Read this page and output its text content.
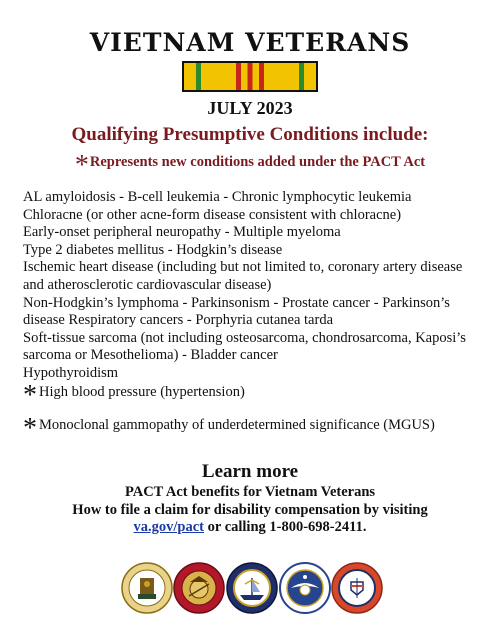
VIETNAM VETERANS
JULY 2023
Qualifying Presumptive Conditions include:
*Represents new conditions added under the PACT Act
AL amyloidosis - B-cell leukemia - Chronic lymphocytic leukemia
Chloracne (or other acne-form disease consistent with chloracne)
Early-onset peripheral neuropathy - Multiple myeloma
Type 2 diabetes mellitus - Hodgkin’s disease
Ischemic heart disease (including but not limited to, coronary artery disease
and atherosclerotic cardiovascular disease)
Non-Hodgkin’s lymphoma - Parkinsonism - Prostate cancer - Parkinson’s
disease Respiratory cancers - Porphyria cutanea tarda
Soft-tissue sarcoma (not including osteosarcoma, chondrosarcoma, Kaposi’s
sarcoma or Mesothelioma) - Bladder cancer
Hypothyroidism
* High blood pressure (hypertension)
* Monoclonal gammopathy of underdetermined significance (MGUS)
Learn more
PACT Act benefits for Vietnam Veterans
How to file a claim for disability compensation by visiting
va.gov/pact or calling 1-800-698-2411.
